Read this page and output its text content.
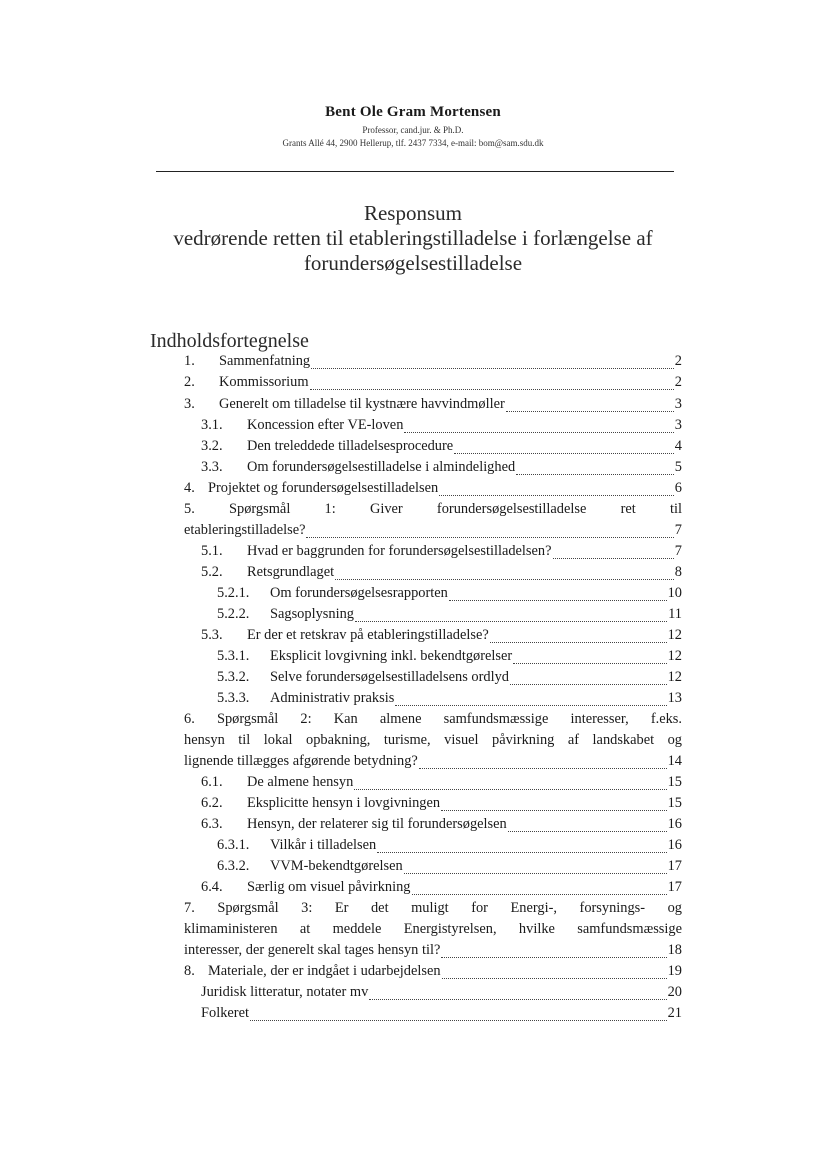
Bent Ole Gram Mortensen
Professor, cand.jur. & Ph.D.
Grants Allé 44, 2900 Hellerup, tlf. 2437 7334, e-mail: bom@sam.sdu.dk
Responsum
vedrørende retten til etableringstilladelse i forlængelse af
forundersøgelsestilladelse
Indholdsfortegnelse
1.	Sammenfatning	2
2.	Kommissorium	2
3.	Generelt om tilladelse til kystnære havvindmøller	3
3.1.	Koncession efter VE-loven	3
3.2.	Den treleddede tilladelsesprocedure	4
3.3.	Om forundersøgelsestilladelse i almindelighed	5
4. Projektet og forundersøgelsestilladelsen	6
5. Spørgsmål 1: Giver forundersøgelsestilladelse ret til
etableringstilladelse?	7
5.1.	Hvad er baggrunden for forundersøgelsestilladelsen?	7
5.2.	Retsgrundlaget	8
5.2.1.	Om forundersøgelsesrapporten	10
5.2.2.	Sagsoplysning	11
5.3.	Er der et retskrav på etableringstilladelse?	12
5.3.1.	Eksplicit lovgivning inkl. bekendtgørelser	12
5.3.2.	Selve forundersøgelsestilladelsens ordlyd	12
5.3.3.	Administrativ praksis	13
6. Spørgsmål 2: Kan almene samfundsmæssige interesser, f.eks.
hensyn til lokal opbakning, turisme, visuel påvirkning af landskabet og
lignende tillægges afgørende betydning?	14
6.1.	De almene hensyn	15
6.2.	Eksplicitte hensyn i lovgivningen	15
6.3.	Hensyn, der relaterer sig til forundersøgelsen	16
6.3.1.	Vilkår i tilladelsen	16
6.3.2.	VVM-bekendtgørelsen	17
6.4.	Særlig om visuel påvirkning	17
7. Spørgsmål 3: Er det muligt for Energi-, forsynings- og
klimaministeren at meddele Energistyrelsen, hvilke samfundsmæssige
interesser, der generelt skal tages hensyn til?	18
8. Materiale, der er indgået i udarbejdelsen	19
Juridisk litteratur, notater mv	20
Folkeret	21
